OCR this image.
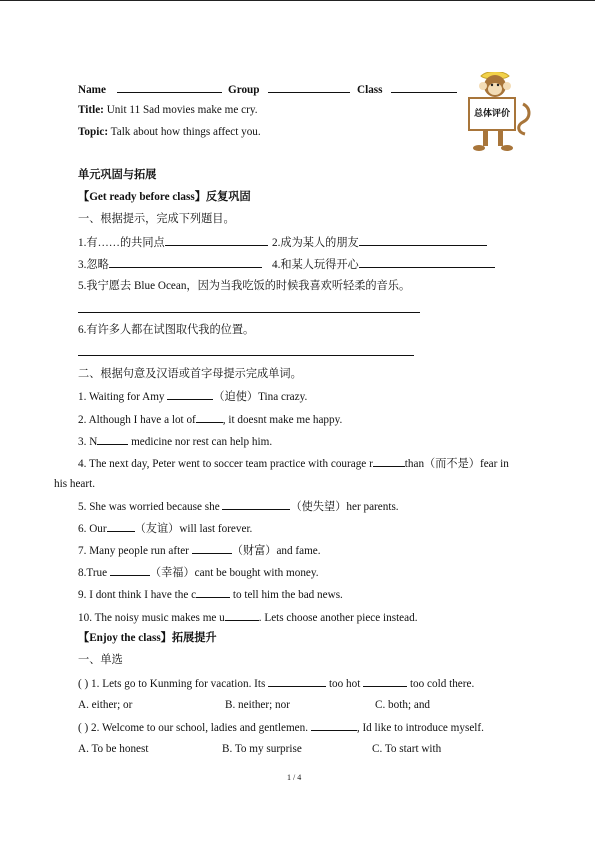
Name	Group	Class
Title: Unit 11 Sad movies make me cry.
Topic: Talk about how things affect you.
总体评价
单元巩固与拓展
【Get ready before class】反复巩固
一、根据提示，完成下列题目。
1.有……的共同点	2.成为某人的朋友
3.忽略	4.和某人玩得开心
5.我宁愿去 Blue Ocean，因为当我吃饭的时候我喜欢听轻柔的音乐。
6.有许多人都在试图取代我的位置。
二、根据句意及汉语或首字母提示完成单词。
1. Waiting for Amy	（迫使）Tina crazy.
2. Although I have a lot of , it doesnt make me happy.
3. N	medicine nor rest can help him.
4. The next day, Peter went to soccer team practice with courage r	than（而不是）fear in
his heart.
5. She was worried because she	（使失望）her parents.
6. Our	（友谊）will last forever.
7. Many people run after	（财富）and fame.
8.True	（幸福）cant be bought with money.
9. I dont think I have the c	to tell him the bad news.
10. The noisy music makes me u	. Lets choose another piece instead.
【Enjoy the class】拓展提升
一、单选
( ) 1. Lets go to Kunming for vacation. Its	too hot	too cold there.
A. either; or	B. neither; nor	C. both; and
( ) 2. Welcome to our school, ladies and gentlemen.	, Id like to introduce myself.
A. To be honest	B. To my surprise	C. To start with
1 / 4
